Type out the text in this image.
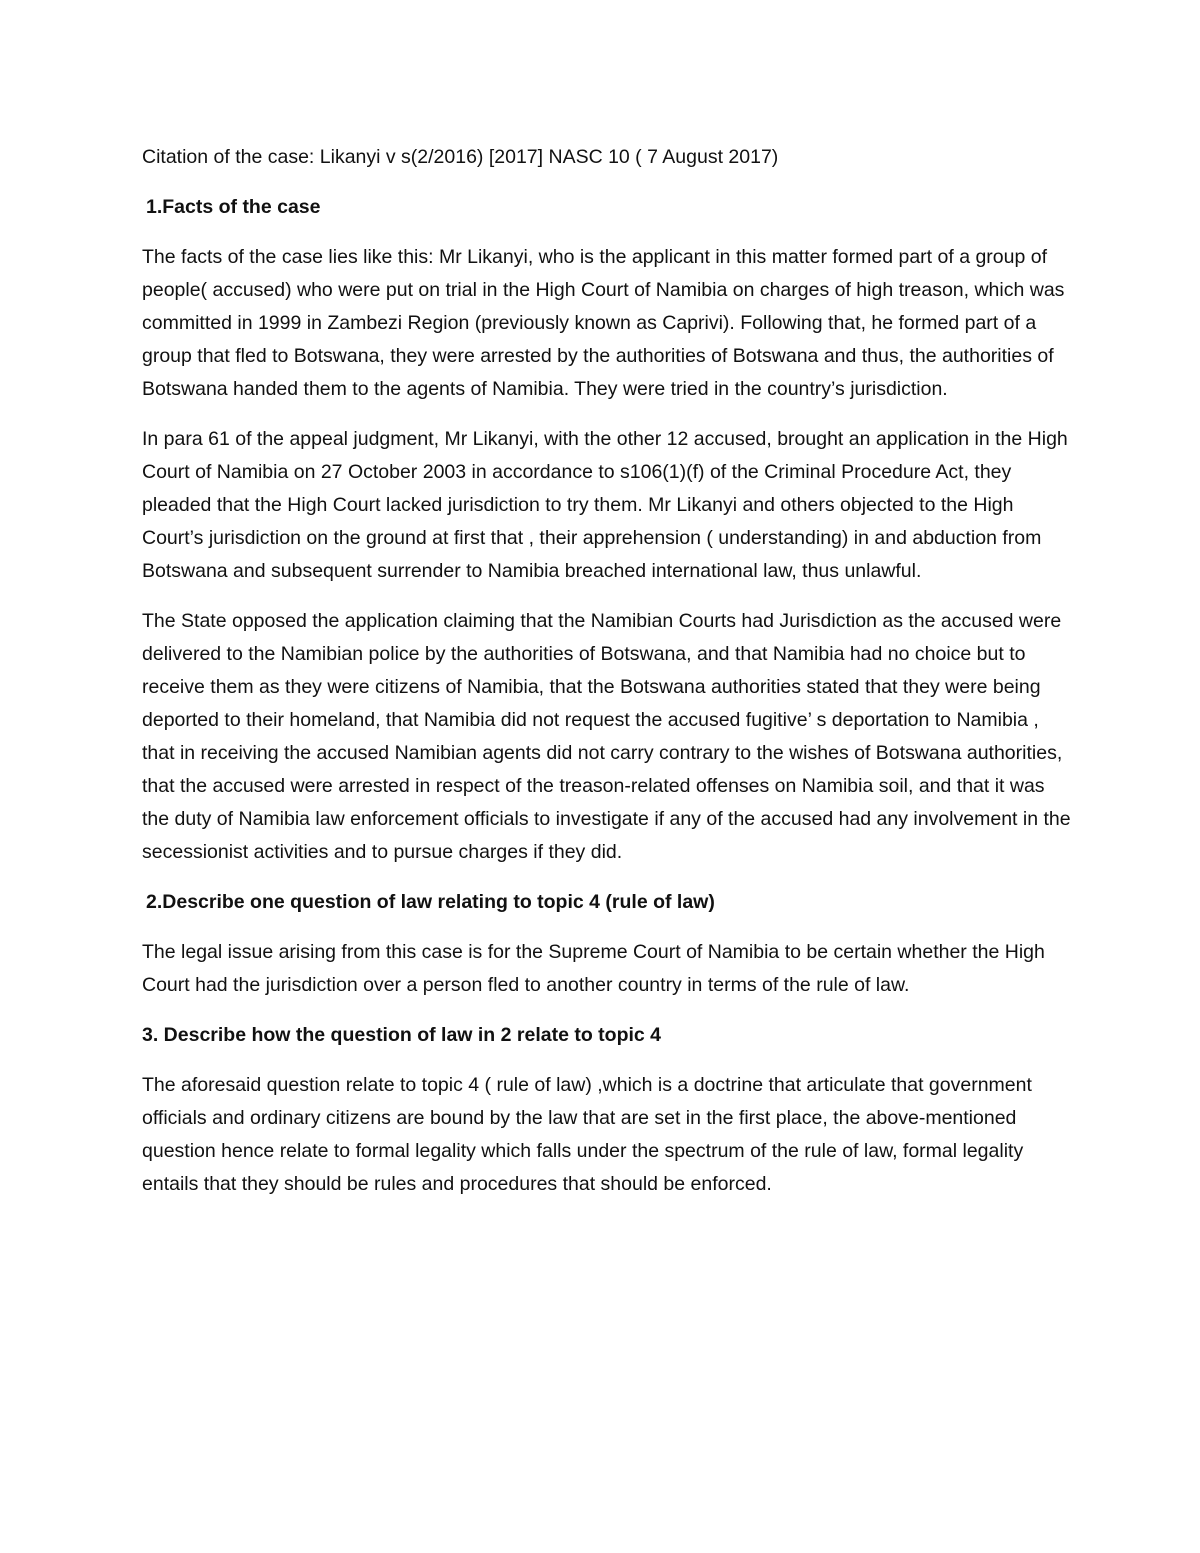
Citation of the case: Likanyi v s(2/2016) [2017] NASC 10 ( 7 August 2017)

1.Facts of the case

The facts of the case lies like this: Mr Likanyi, who is the applicant in this matter formed part of a group of people( accused) who were put on trial in the High Court of Namibia on charges of high treason, which was committed in 1999 in Zambezi Region (previously known as Caprivi). Following that, he formed part of a group that fled to Botswana, they were arrested by the authorities of Botswana and thus, the authorities of Botswana handed them to the agents of Namibia. They were tried in the country’s jurisdiction.

In para 61 of the appeal judgment, Mr Likanyi, with the other 12 accused, brought an application in the High Court of Namibia on 27 October 2003 in accordance to s106(1)(f) of the Criminal Procedure Act, they pleaded that the High Court lacked jurisdiction to try them. Mr Likanyi and others objected to the High Court’s jurisdiction on the ground at first that , their apprehension ( understanding) in and abduction from Botswana and subsequent surrender to Namibia breached international law, thus unlawful.

The State opposed the application claiming that the Namibian Courts had Jurisdiction as the accused were delivered to the Namibian police by the authorities of Botswana, and that Namibia had no choice but to receive them as they were citizens of Namibia, that the Botswana authorities stated that they were being deported to their homeland, that Namibia did not request the accused fugitive’ s deportation to Namibia , that in receiving the accused Namibian agents did not carry contrary to the wishes of Botswana authorities, that the accused were arrested in respect of the treason-related offenses on Namibia soil, and that it was the duty of Namibia law enforcement officials to investigate if any of the accused had any involvement in the secessionist activities and to pursue charges if they did.

2.Describe one question of law relating to topic 4 (rule of law)

The legal issue arising from this case is for the Supreme Court of Namibia to be certain whether the High Court had the jurisdiction over a person fled to another country in terms of the rule of law.

3. Describe how the question of law in 2 relate to topic 4

The aforesaid question relate to topic 4 ( rule of law) ,which is a doctrine that articulate that government officials and ordinary citizens are bound by the law that are set in the first place, the above-mentioned question hence relate to formal legality which falls under the spectrum of the rule of law, formal legality entails that they should be rules and procedures that should be enforced.
